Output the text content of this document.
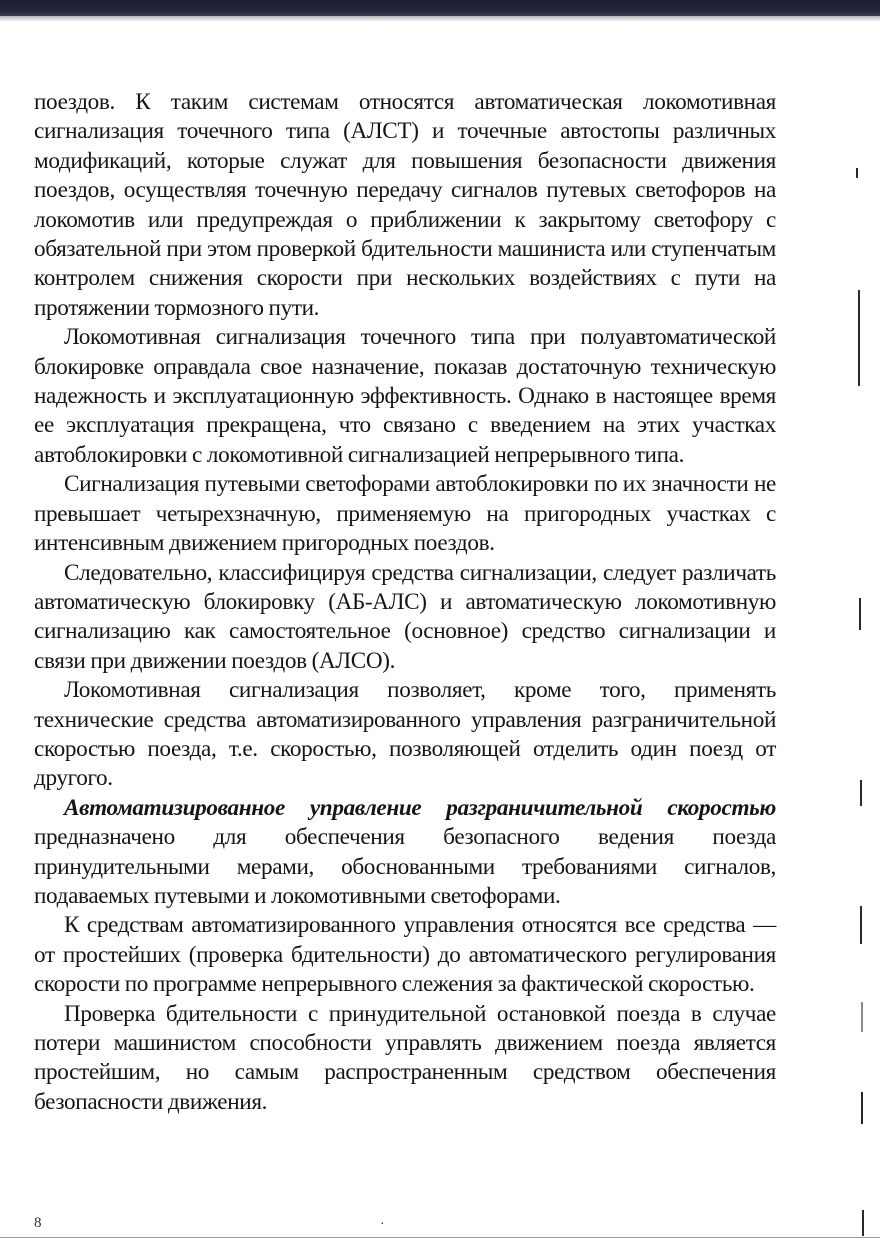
поездов. К таким системам относятся автоматическая локомотивная сигнализация точечного типа (АЛСТ) и точечные автостопы различных модификаций, которые служат для повышения безопасности движения поездов, осуществляя точечную передачу сигналов путевых светофоров на локомотив или предупреждая о приближении к закрытому светофору с обязательной при этом проверкой бдительности машиниста или ступенчатым контролем снижения скорости при нескольких воздействиях с пути на протяжении тормозного пути.

Локомотивная сигнализация точечного типа при полуавтоматической блокировке оправдала свое назначение, показав достаточную техническую надежность и эксплуатационную эффективность. Однако в настоящее время ее эксплуатация прекращена, что связано с введением на этих участках автоблокировки с локомотивной сигнализацией непрерывного типа.

Сигнализация путевыми светофорами автоблокировки по их значности не превышает четырехзначную, применяемую на пригородных участках с интенсивным движением пригородных поездов.

Следовательно, классифицируя средства сигнализации, следует различать автоматическую блокировку (АБ-АЛС) и автоматическую локомотивную сигнализацию как самостоятельное (основное) средство сигнализации и связи при движении поездов (АЛСО).

Локомотивная сигнализация позволяет, кроме того, применять технические средства автоматизированного управления разграничительной скоростью поезда, т.е. скоростью, позволяющей отделить один поезд от другого.

Автоматизированное управление разграничительной скоростью предназначено для обеспечения безопасного ведения поезда принудительными мерами, обоснованными требованиями сигналов, подаваемых путевыми и локомотивными светофорами.

К средствам автоматизированного управления относятся все средства — от простейших (проверка бдительности) до автоматического регулирования скорости по программе непрерывного слежения за фактической скоростью.

Проверка бдительности с принудительной остановкой поезда в случае потери машинистом способности управлять движением поезда является простейшим, но самым распространенным средством обеспечения безопасности движения.

·
8
